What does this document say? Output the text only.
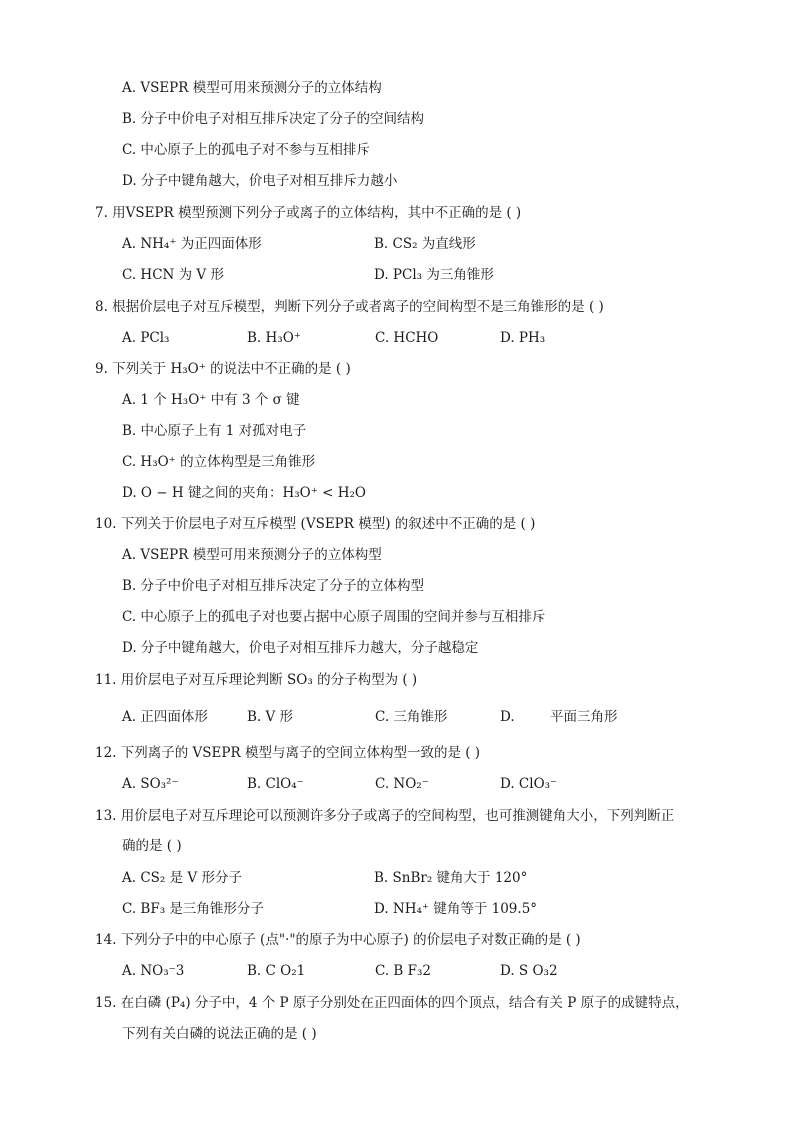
A. VSEPR 模型可用来预测分子的立体结构
B. 分子中价电子对相互排斥决定了分子的空间结构
C. 中心原子上的孤电子对不参与互相排斥
D. 分子中键角越大，价电子对相互排斥力越小
7. 用VSEPR 模型预测下列分子或离子的立体结构，其中不正确的是 ( )
A. NH₄⁺ 为正四面体形	B. CS₂ 为直线形
C. HCN 为 V 形	D. PCl₃ 为三角锥形
8. 根据价层电子对互斥模型，判断下列分子或者离子的空间构型不是三角锥形的是 ( )
A. PCl₃	B. H₃O⁺	C. HCHO	D. PH₃
9. 下列关于 H₃O⁺ 的说法中不正确的是 ( )
A. 1 个 H₃O⁺ 中有 3 个 σ 键
B. 中心原子上有 1 对孤对电子
C. H₃O⁺ 的立体构型是三角锥形
D. O − H 键之间的夹角：H₃O⁺ < H₂O
10. 下列关于价层电子对互斥模型 (VSEPR 模型) 的叙述中不正确的是 ( )
A. VSEPR 模型可用来预测分子的立体构型
B. 分子中价电子对相互排斥决定了分子的立体构型
C. 中心原子上的孤电子对也要占据中心原子周围的空间并参与互相排斥
D. 分子中键角越大，价电子对相互排斥力越大，分子越稳定
11. 用价层电子对互斥理论判断 SO₃ 的分子构型为 ( )
A. 正四面体形	B. V 形	C. 三角锥形	D.	平面三角形
12. 下列离子的 VSEPR 模型与离子的空间立体构型一致的是 ( )
A. SO₃²⁻	B. ClO₄⁻	C. NO₂⁻	D. ClO₃⁻
13. 用价层电子对互斥理论可以预测许多分子或离子的空间构型，也可推测键角大小，下列判断正
确的是 ( )
A. CS₂ 是 V 形分子	B. SnBr₂ 键角大于 120°
C. BF₃ 是三角锥形分子	D. NH₄⁺ 键角等于 109.5°
14. 下列分子中的中心原子 (点"·"的原子为中心原子) 的价层电子对数正确的是 ( )
A. NO₃⁻3	B. C O₂1	C. B F₃2	D. S O₃2
15. 在白磷 (P₄) 分子中，4 个 P 原子分别处在正四面体的四个顶点，结合有关 P 原子的成键特点，
下列有关白磷的说法正确的是 ( )
